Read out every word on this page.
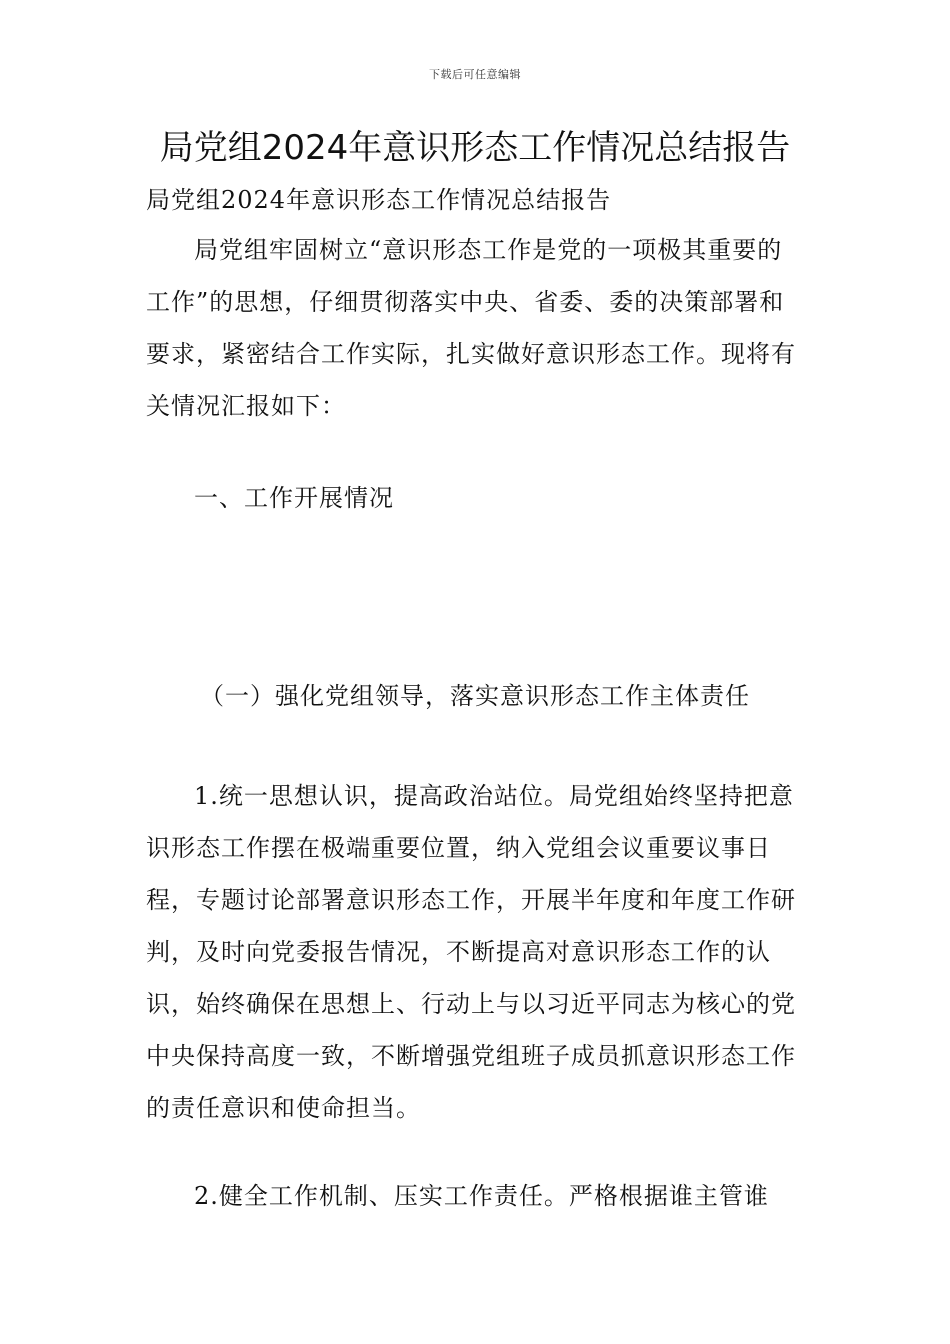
下载后可任意编辑
局党组2024年意识形态工作情况总结报告

局党组2024年意识形态工作情况总结报告

局党组牢固树立“意识形态工作是党的一项极其重要的工作”的思想，仔细贯彻落实中央、省委、委的决策部署和要求，紧密结合工作实际，扎实做好意识形态工作。现将有关情况汇报如下：

一、工作开展情况

（一）强化党组领导，落实意识形态工作主体责任

1.统一思想认识，提高政治站位。局党组始终坚持把意识形态工作摆在极端重要位置，纳入党组会议重要议事日程，专题讨论部署意识形态工作，开展半年度和年度工作研判，及时向党委报告情况，不断提高对意识形态工作的认识，始终确保在思想上、行动上与以习近平同志为核心的党中央保持高度一致，不断增强党组班子成员抓意识形态工作的责任意识和使命担当。

2.健全工作机制、压实工作责任。严格根据谁主管谁
